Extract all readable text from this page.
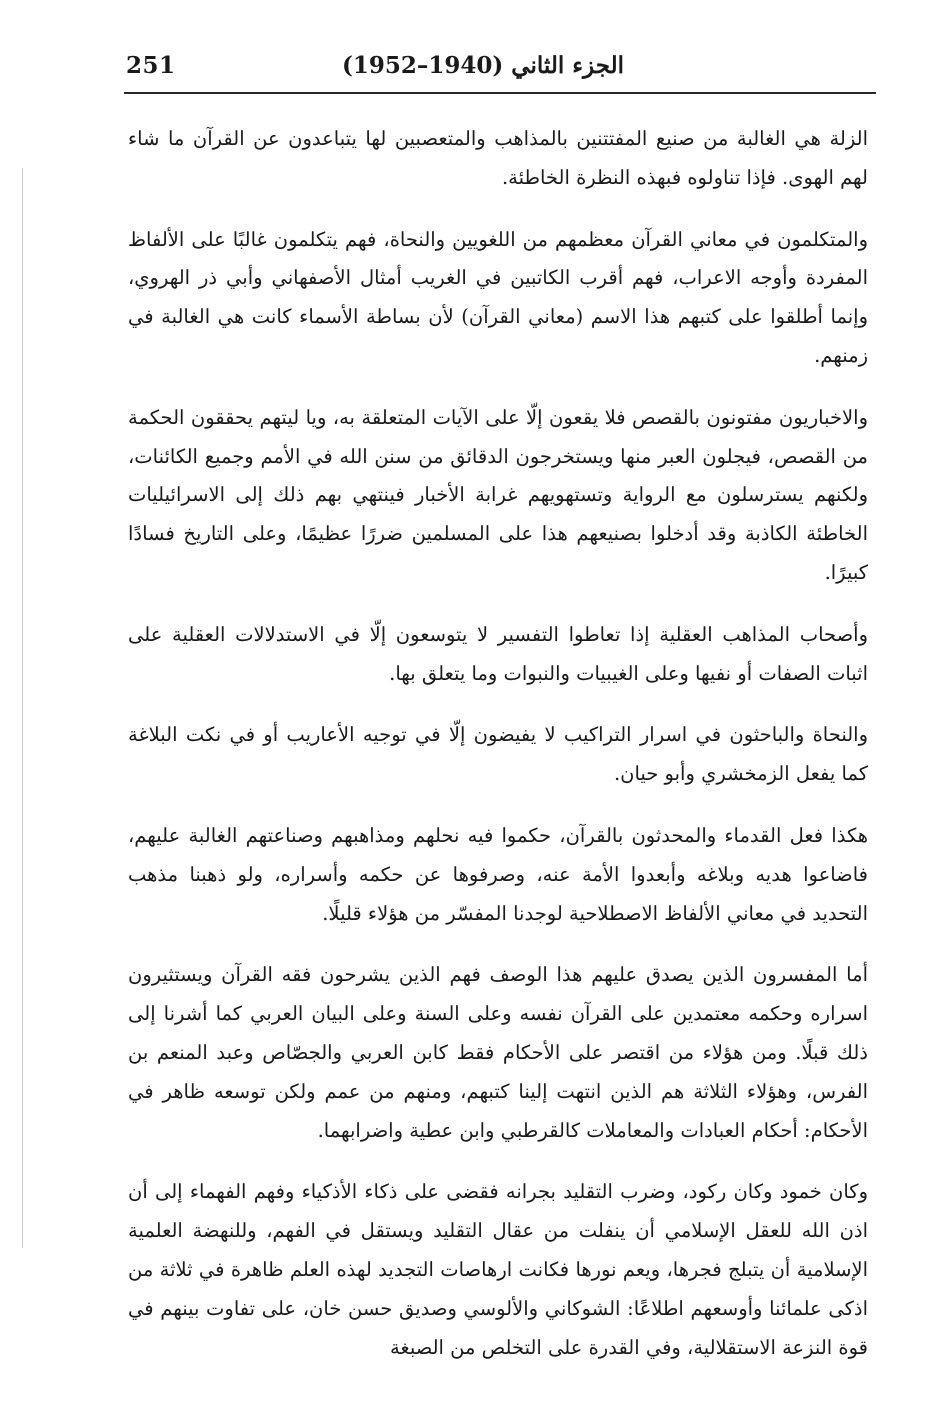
251	الجزء الثاني (1940–1952)

الزلة هي الغالبة من صنيع المفتتنين بالمذاهب والمتعصبين لها يتباعدون عن القرآن ما شاء لهم الهوى. فإذا تناولوه فبهذه النظرة الخاطئة.

والمتكلمون في معاني القرآن معظمهم من اللغويين والنحاة، فهم يتكلمون غالبًا على الألفاظ المفردة وأوجه الاعراب، فهم أقرب الكاتبين في الغريب أمثال الأصفهاني وأبي ذر الهروي، وإنما أطلقوا على كتبهم هذا الاسم (معاني القرآن) لأن بساطة الأسماء كانت هي الغالبة في زمنهم.

والاخباريون مفتونون بالقصص فلا يقعون إلّا على الآيات المتعلقة به، ويا ليتهم يحققون الحكمة من القصص، فيجلون العبر منها ويستخرجون الدقائق من سنن الله في الأمم وجميع الكائنات، ولكنهم يسترسلون مع الرواية وتستهويهم غرابة الأخبار فينتهي بهم ذلك إلى الاسرائيليات الخاطئة الكاذبة وقد أدخلوا بصنيعهم هذا على المسلمين ضررًا عظيمًا، وعلى التاريخ فسادًا كبيرًا.

وأصحاب المذاهب العقلية إذا تعاطوا التفسير لا يتوسعون إلّا في الاستدلالات العقلية على اثبات الصفات أو نفيها وعلى الغيبيات والنبوات وما يتعلق بها.

والنحاة والباحثون في اسرار التراكيب لا يفيضون إلّا في توجيه الأعاريب أو في نكت البلاغة كما يفعل الزمخشري وأبو حيان.

هكذا فعل القدماء والمحدثون بالقرآن، حكموا فيه نحلهم ومذاهبهم وصناعتهم الغالبة عليهم، فاضاعوا هديه وبلاغه وأبعدوا الأمة عنه، وصرفوها عن حكمه وأسراره، ولو ذهبنا مذهب التحديد في معاني الألفاظ الاصطلاحية لوجدنا المفسّر من هؤلاء قليلًا.

أما المفسرون الذين يصدق عليهم هذا الوصف فهم الذين يشرحون فقه القرآن ويستثيرون اسراره وحكمه معتمدين على القرآن نفسه وعلى السنة وعلى البيان العربي كما أشرنا إلى ذلك قبلًا. ومن هؤلاء من اقتصر على الأحكام فقط كابن العربي والجصّاص وعبد المنعم بن الفرس، وهؤلاء الثلاثة هم الذين انتهت إلينا كتبهم، ومنهم من عمم ولكن توسعه ظاهر في الأحكام: أحكام العبادات والمعاملات كالقرطبي وابن عطية واضرابهما.

وكان خمود وكان ركود، وضرب التقليد بجرانه فقضى على ذكاء الأذكياء وفهم الفهماء إلى أن اذن الله للعقل الإسلامي أن ينفلت من عقال التقليد ويستقل في الفهم، وللنهضة العلمية الإسلامية أن يتبلج فجرها، ويعم نورها فكانت ارهاصات التجديد لهذه العلم ظاهرة في ثلاثة من اذكى علمائنا وأوسعهم اطلاعًا: الشوكاني والألوسي وصديق حسن خان، على تفاوت بينهم في قوة النزعة الاستقلالية، وفي القدرة على التخلص من الصبغة
